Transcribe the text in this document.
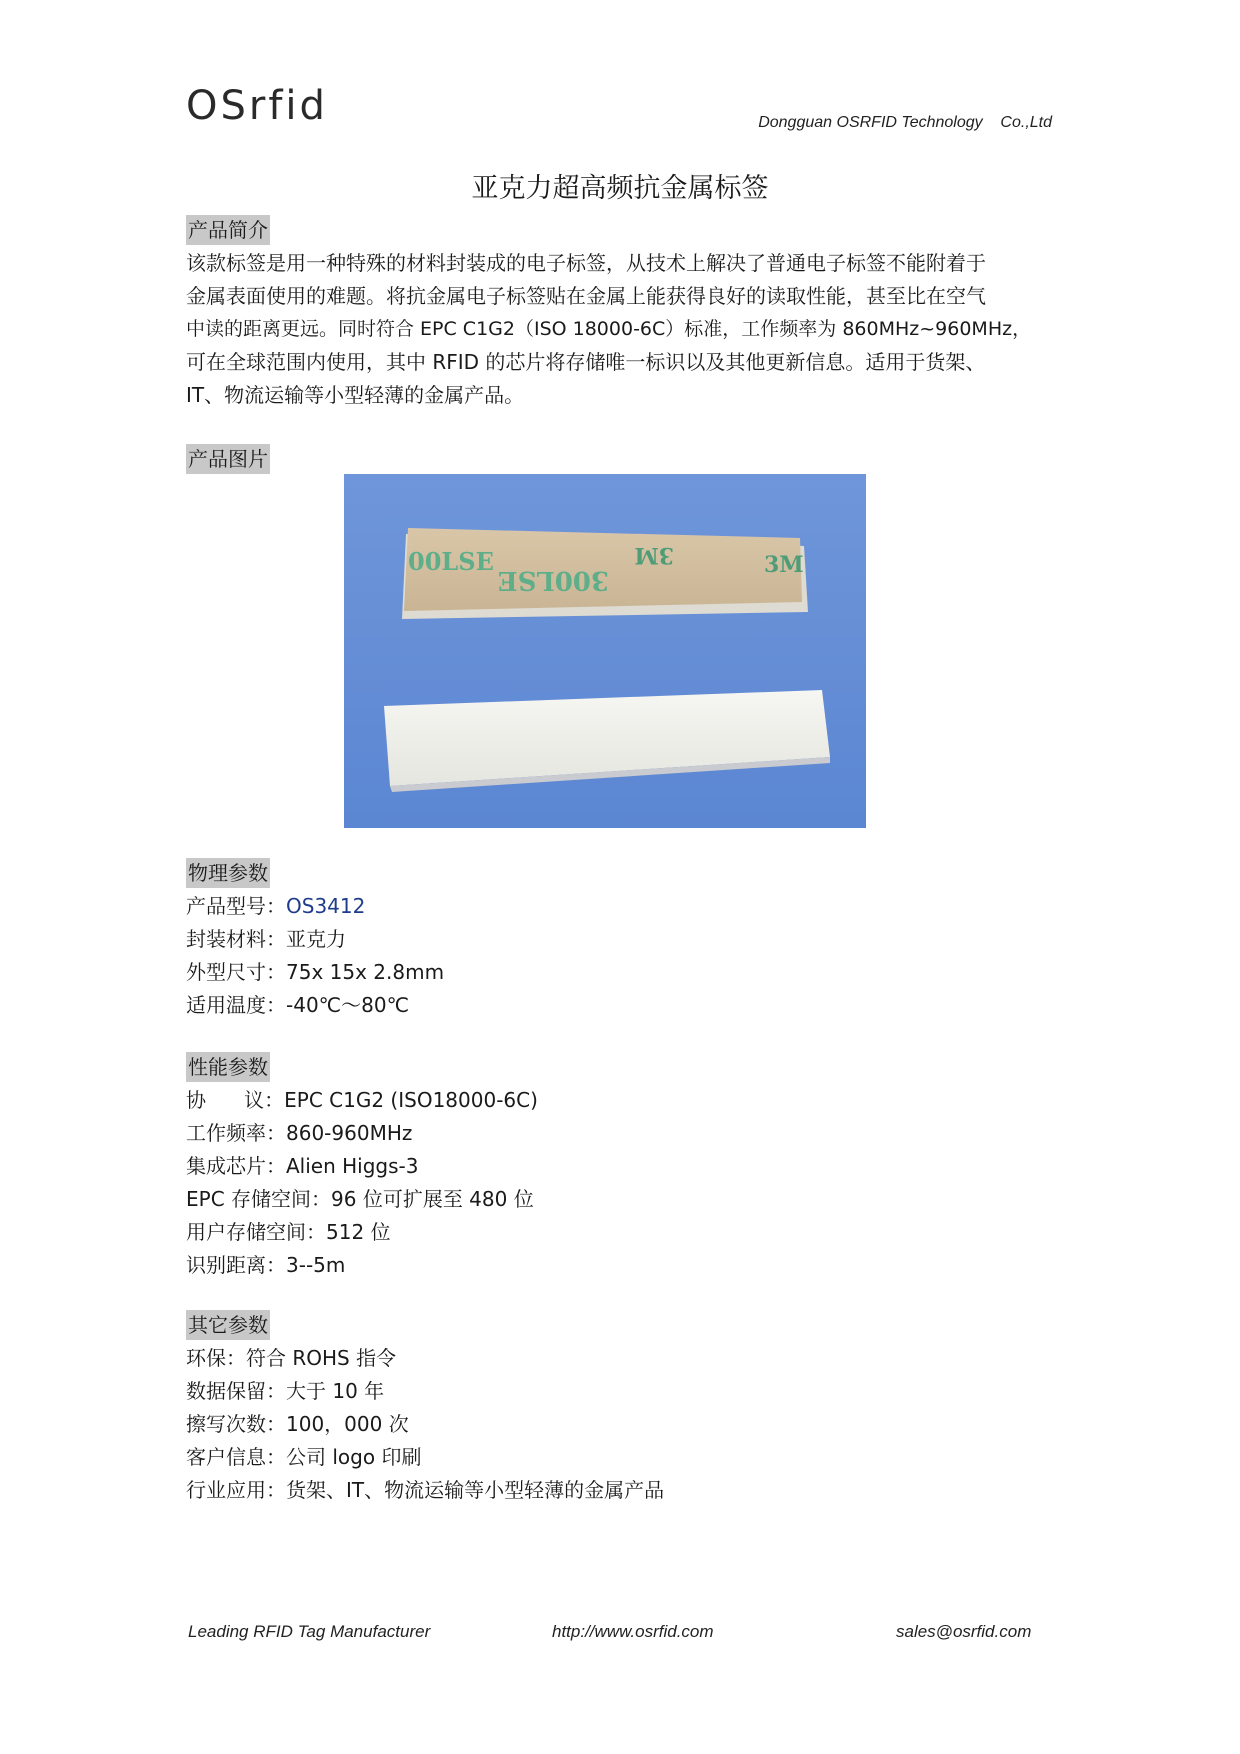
OSrfid	Dongguan OSRFID Technology    Co.,Ltd
亚克力超高频抗金属标签
产品简介
该款标签是用一种特殊的材料封装成的电子标签，从技术上解决了普通电子标签不能附着于
金属表面使用的难题。将抗金属电子标签贴在金属上能获得良好的读取性能，甚至比在空气
中读的距离更远。同时符合 EPC C1G2（ISO 18000-6C）标准，工作频率为 860MHz~960MHz，
可在全球范围内使用，其中 RFID 的芯片将存储唯一标识以及其他更新信息。适用于货架、
IT、物流运输等小型轻薄的金属产品。
产品图片
300LSE
3M	3M
00LSE
物理参数
产品型号：OS3412
封装材料：亚克力
外型尺寸：75x 15x 2.8mm
适用温度：-40℃～80℃
性能参数
协      议：EPC C1G2 (ISO18000-6C)
工作频率：860-960MHz
集成芯片：Alien Higgs-3
EPC 存储空间：96 位可扩展至 480 位
用户存储空间：512 位
识别距离：3--5m
其它参数
环保：符合 ROHS 指令
数据保留：大于 10 年
擦写次数：100，000 次
客户信息：公司 logo 印刷
行业应用：货架、IT、物流运输等小型轻薄的金属产品
Leading RFID Tag Manufacturer	http://www.osrfid.com	sales@osrfid.com
